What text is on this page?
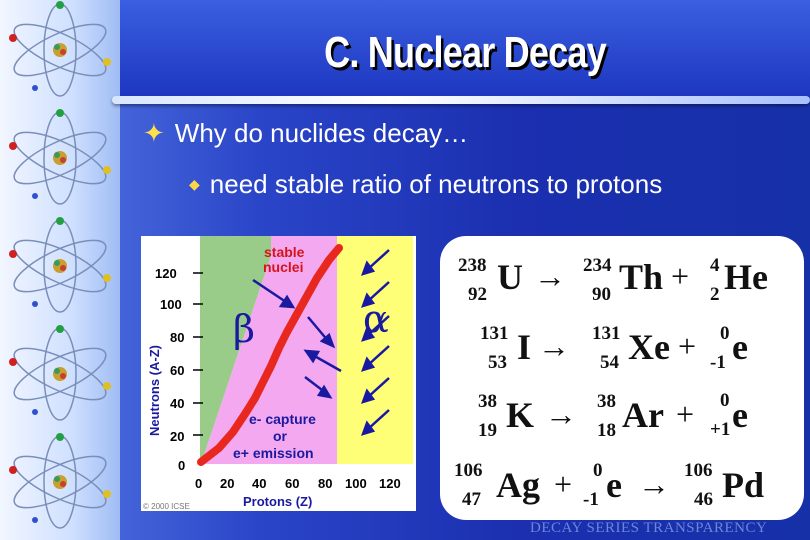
C. Nuclear Decay
✦ Why do nuclides decay…
◆ need stable ratio of neutrons to protons
120
100
80
60
40
20
0
0 20 40 60 80 100 120
Protons (Z)
Neutrons (A-Z)
stable
nuclei
e- capture
or
e+ emission
β	α
© 2000 ICSE
238
92 U → 234
90 Th + 4
2 He
131
53 I → 131
54 Xe + 0
-1 e
38
19 K → 38
18 Ar + 0
+1 e
106
47 Ag + 0
-1 e → 106
46 Pd
DECAY SERIES TRANSPARENCY
